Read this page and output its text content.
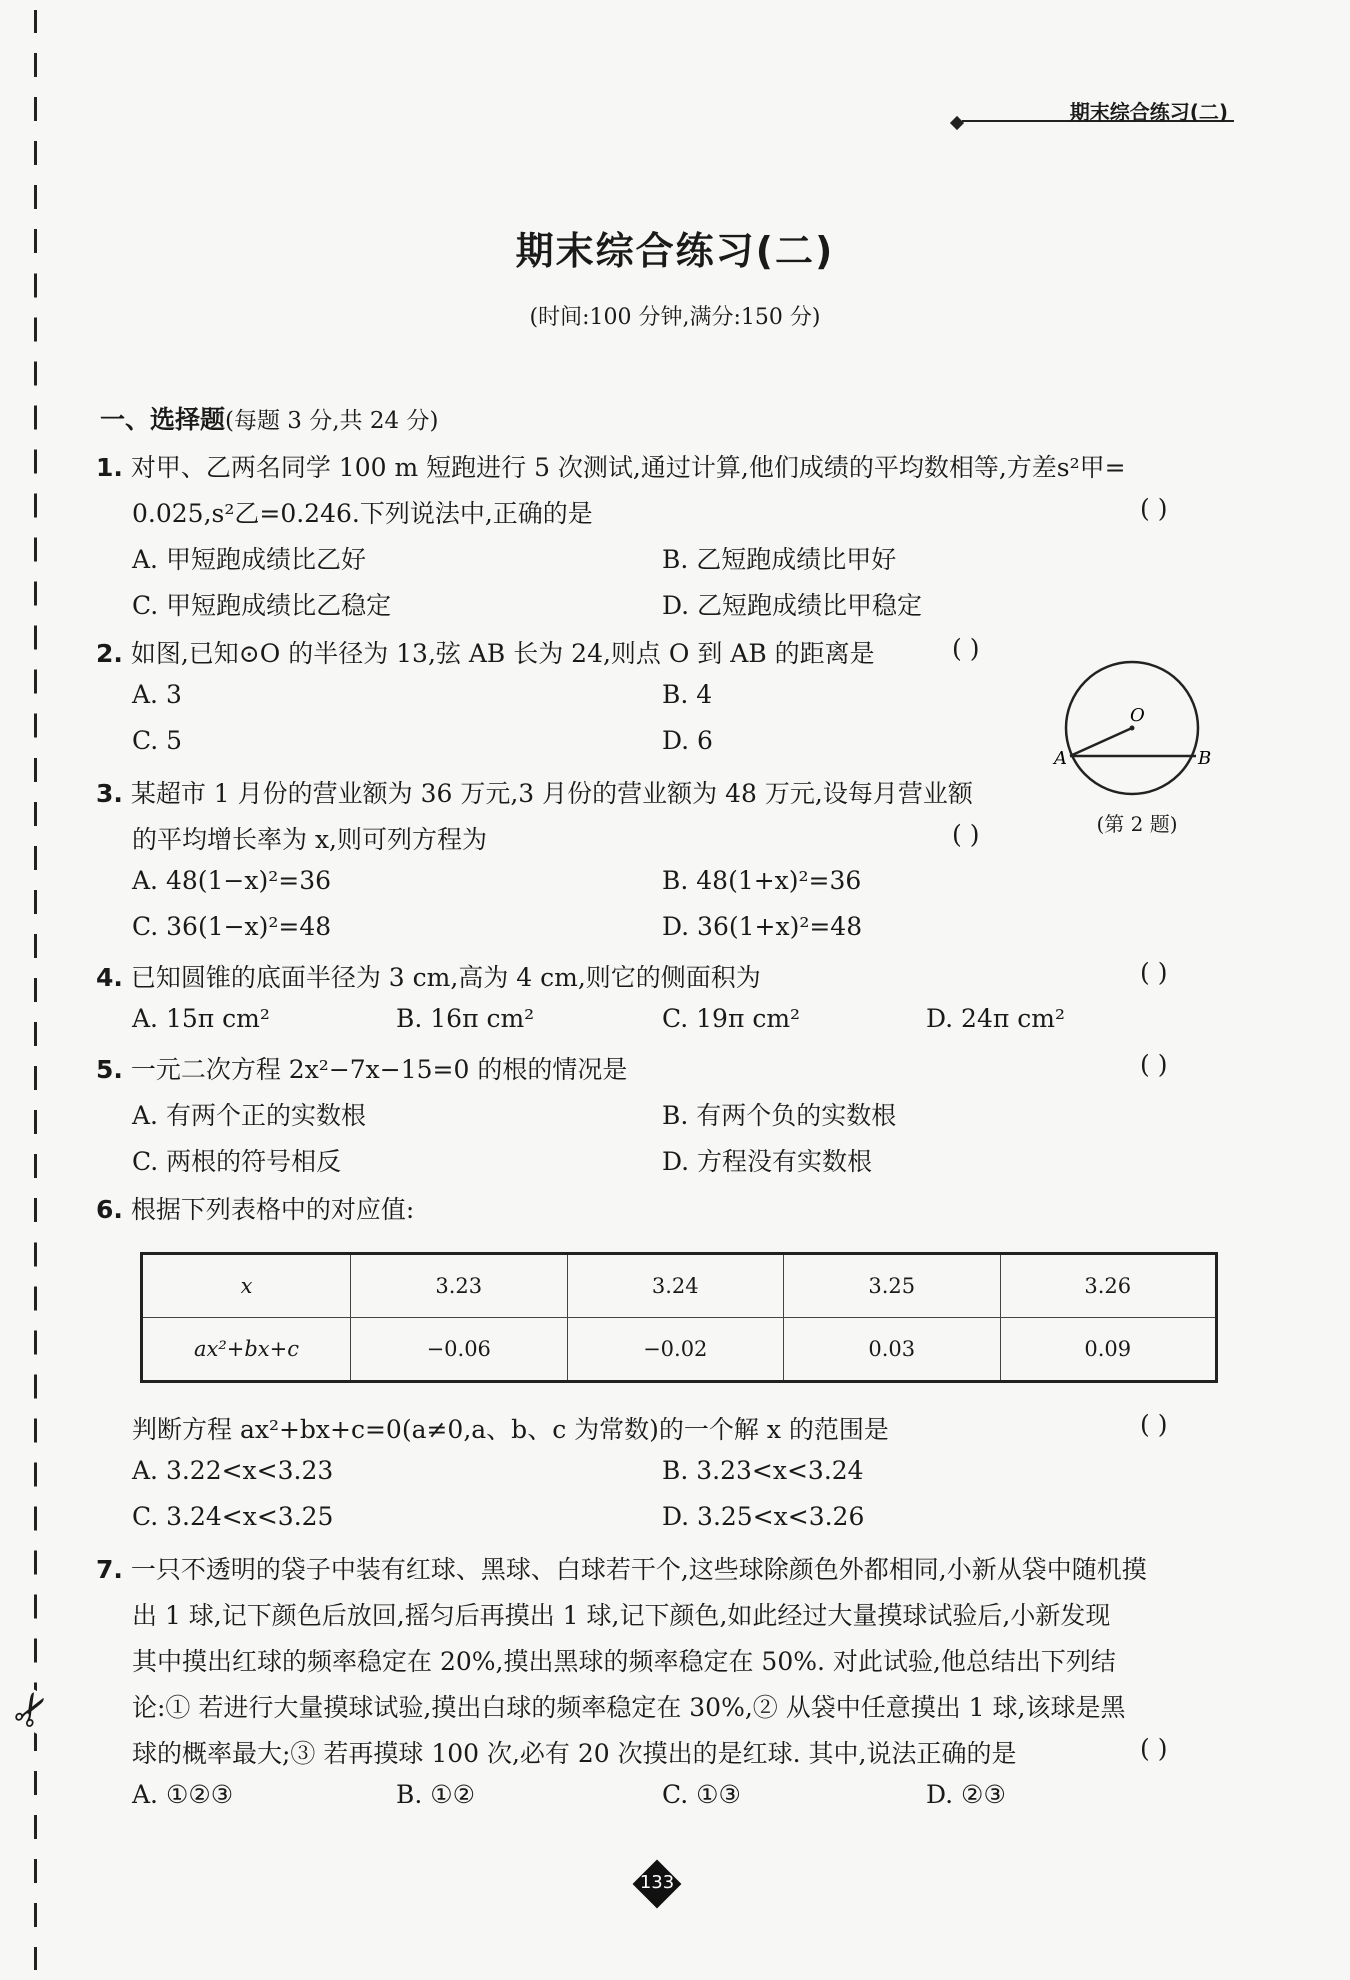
✂
期末综合练习(二)
期末综合练习(二)
(时间:100 分钟,满分:150 分)
一、选择题(每题 3 分,共 24 分)
1. 对甲、乙两名同学 100 m 短跑进行 5 次测试,通过计算,他们成绩的平均数相等,方差s²甲=
0.025,s²乙=0.246.下列说法中,正确的是	( )
A. 甲短跑成绩比乙好	B. 乙短跑成绩比甲好
C. 甲短跑成绩比乙稳定	D. 乙短跑成绩比甲稳定
2. 如图,已知⊙O 的半径为 13,弦 AB 长为 24,则点 O 到 AB 的距离是	( )
A. 3	B. 4
C. 5	D. 6
O
A	B
(第 2 题)
3. 某超市 1 月份的营业额为 36 万元,3 月份的营业额为 48 万元,设每月营业额
的平均增长率为 x,则可列方程为	( )
A. 48(1−x)²=36	B. 48(1+x)²=36
C. 36(1−x)²=48	D. 36(1+x)²=48
4. 已知圆锥的底面半径为 3 cm,高为 4 cm,则它的侧面积为	( )
A. 15π cm²	B. 16π cm²	C. 19π cm²	D. 24π cm²
5. 一元二次方程 2x²−7x−15=0 的根的情况是	( )
A. 有两个正的实数根	B. 有两个负的实数根
C. 两根的符号相反	D. 方程没有实数根
6. 根据下列表格中的对应值:
x	3.23	3.24	3.25	3.26
ax²+bx+c	−0.06	−0.02	0.03	0.09
判断方程 ax²+bx+c=0(a≠0,a、b、c 为常数)的一个解 x 的范围是	( )
A. 3.22<x<3.23	B. 3.23<x<3.24
C. 3.24<x<3.25	D. 3.25<x<3.26
7. 一只不透明的袋子中装有红球、黑球、白球若干个,这些球除颜色外都相同,小新从袋中随机摸
出 1 球,记下颜色后放回,摇匀后再摸出 1 球,记下颜色,如此经过大量摸球试验后,小新发现
其中摸出红球的频率稳定在 20%,摸出黑球的频率稳定在 50%. 对此试验,他总结出下列结
论:① 若进行大量摸球试验,摸出白球的频率稳定在 30%,② 从袋中任意摸出 1 球,该球是黑
球的概率最大;③ 若再摸球 100 次,必有 20 次摸出的是红球. 其中,说法正确的是	( )
A. ①②③	B. ①②	C. ①③	D. ②③
133
